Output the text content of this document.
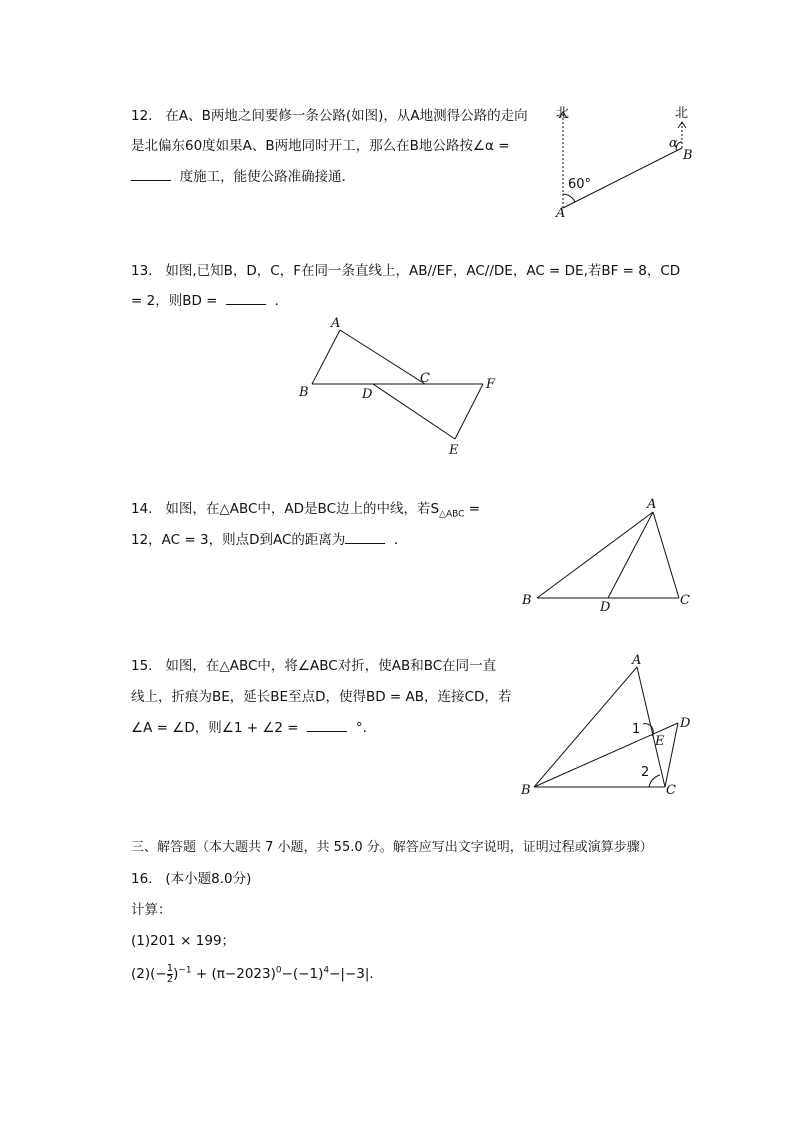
12. 在A、B两地之间要修一条公路(如图)，从A地测得公路的走向
是北偏东60度如果A、B两地同时开工，那么在B地公路按∠α =
度施工，能使公路准确接通．
13. 如图,已知B，D，C，F在同一条直线上，AB//EF，AC//DE，AC = DE,若BF = 8，CD
= 2，则BD =	．
14. 如图，在△ABC中，AD是BC边上的中线，若$S_{\triangle ABC}$ =
12，AC = 3，则点D到AC的距离为	．
15. 如图，在△ABC中，将∠ABC对折，使AB和BC在同一直
线上，折痕为BE，延长BE至点D，使得BD = AB，连接CD，若
∠A = ∠D，则∠1 + ∠2 =	°.
三、解答题（本大题共 7 小题，共 55.0 分。解答应写出文字说明，证明过程或演算步骤）
16. (本小题8.0分)
计算：
(1)201 × 199；
$(2)(- \frac{1}{2} )^{-1} + (\pi-2023)^0-(-1)^4-|-3|$．
北	北
60°
α
A
B
A
B
C
D
E
F
A
B	C
D
A
B	C
D
E
1
2
